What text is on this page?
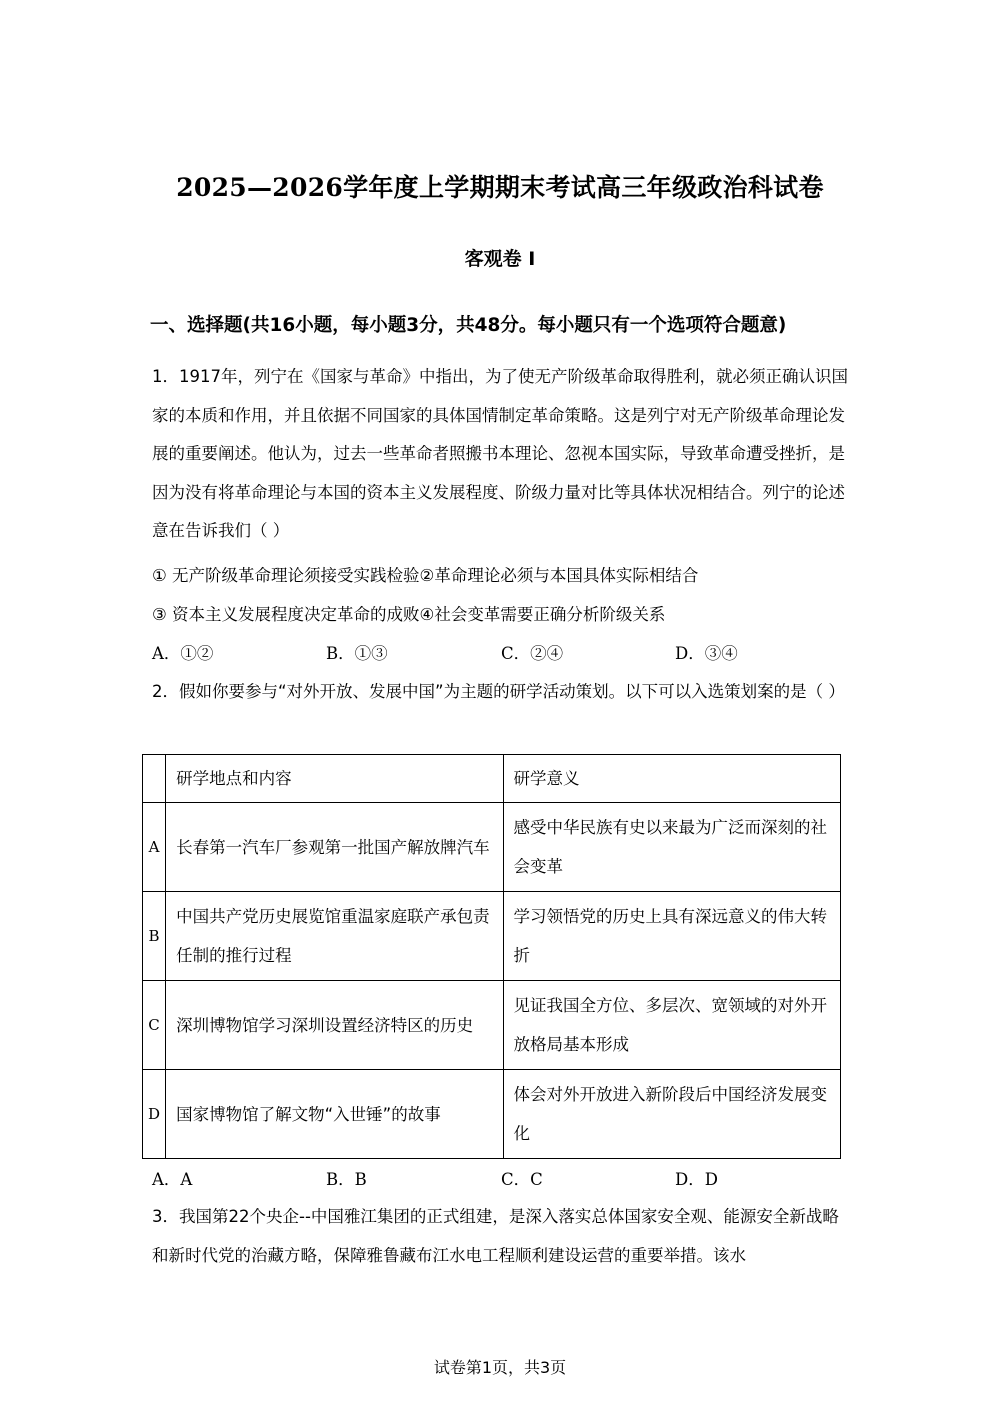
2025—2026学年度上学期期末考试高三年级政治科试卷
客观卷 I
一、选择题(共16小题，每小题3分，共48分。每小题只有一个选项符合题意)
1．1917年，列宁在《国家与革命》中指出，为了使无产阶级革命取得胜利，就必须正确认识国家的本质和作用，并且依据不同国家的具体国情制定革命策略。这是列宁对无产阶级革命理论发展的重要阐述。他认为，过去一些革命者照搬书本理论、忽视本国实际，导致革命遭受挫折，是因为没有将革命理论与本国的资本主义发展程度、阶级力量对比等具体状况相结合。列宁的论述意在告诉我们（ ）
① 无产阶级革命理论须接受实践检验②革命理论必须与本国具体实际相结合
③ 资本主义发展程度决定革命的成败④社会变革需要正确分析阶级关系
A．①②	B．①③	C．②④	D．③④
2．假如你要参与“对外开放、发展中国”为主题的研学活动策划。以下可以入选策划案的是（ ）
	研学地点和内容	研学意义
A	长春第一汽车厂参观第一批国产解放牌汽车	感受中华民族有史以来最为广泛而深刻的社会变革
B	中国共产党历史展览馆重温家庭联产承包责任制的推行过程	学习领悟党的历史上具有深远意义的伟大转折
C	深圳博物馆学习深圳设置经济特区的历史	见证我国全方位、多层次、宽领域的对外开放格局基本形成
D	国家博物馆了解文物“入世锤”的故事	体会对外开放进入新阶段后中国经济发展变化
A．A	B．B	C．C	D．D
3．我国第22个央企--中国雅江集团的正式组建，是深入落实总体国家安全观、能源安全新战略和新时代党的治藏方略，保障雅鲁藏布江水电工程顺利建设运营的重要举措。该水
试卷第1页，共3页
